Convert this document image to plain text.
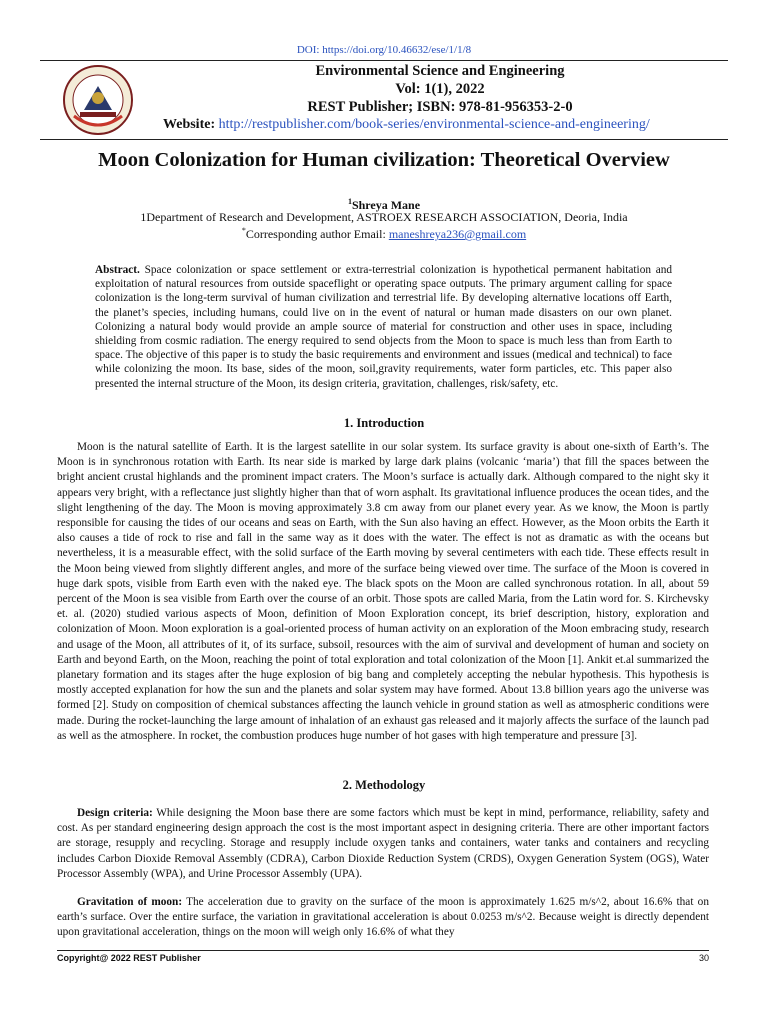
DOI: https://doi.org/10.46632/ese/1/1/8
Environmental Science and Engineering
Vol: 1(1), 2022
REST Publisher; ISBN: 978-81-956353-2-0
Website: http://restpublisher.com/book-series/environmental-science-and-engineering/
Moon Colonization for Human civilization: Theoretical Overview
$^1$Shreya Mane
1Department of Research and Development, ASTROEX RESEARCH ASSOCIATION, Deoria, India
*Corresponding author Email: maneshreya236@gmail.com
Abstract. Space colonization or space settlement or extra-terrestrial colonization is hypothetical permanent habitation and exploitation of natural resources from outside spaceflight or operating space outputs. The primary argument calling for space colonization is the long-term survival of human civilization and terrestrial life. By developing alternative locations off Earth, the planet’s species, including humans, could live on in the event of natural or human made disasters on our own planet. Colonizing a natural body would provide an ample source of material for construction and other uses in space, including shielding from cosmic radiation. The energy required to send objects from the Moon to space is much less than from Earth to space. The objective of this paper is to study the basic requirements and environment and issues (medical and technical) to face while colonizing the moon. Its base, sides of the moon, soil,gravity requirements, water form particles, etc. This paper also presented the internal structure of the Moon, its design criteria, gravitation, challenges, risk/safety, etc.
1. Introduction

Moon is the natural satellite of Earth. It is the largest satellite in our solar system. Its surface gravity is about one-sixth of Earth’s. The Moon is in synchronous rotation with Earth. Its near side is marked by large dark plains (volcanic ‘maria’) that fill the spaces between the bright ancient crustal highlands and the prominent impact craters. The Moon’s surface is actually dark. Although compared to the night sky it appears very bright, with a reflectance just slightly higher than that of worn asphalt. Its gravitational influence produces the ocean tides, and the slight lengthening of the day. The Moon is moving approximately 3.8 cm away from our planet every year. As we know, the Moon is partly responsible for causing the tides of our oceans and seas on Earth, with the Sun also having an effect. However, as the Moon orbits the Earth it also causes a tide of rock to rise and fall in the same way as it does with the water. The effect is not as dramatic as with the oceans but nevertheless, it is a measurable effect, with the solid surface of the Earth moving by several centimeters with each tide. These effects result in the Moon being viewed from slightly different angles, and more of the surface being viewed over time. The surface of the Moon is covered in huge dark spots, visible from Earth even with the naked eye. The black spots on the Moon are called synchronous rotation. In all, about 59 percent of the Moon is sea visible from Earth over the course of an orbit. Those spots are called Maria, from the Latin word for. S. Kirchevsky et. al. (2020) studied various aspects of Moon, definition of Moon Exploration concept, its brief description, history, exploration and colonization of Moon. Moon exploration is a goal-oriented process of human activity on an exploration of the Moon embracing study, research and usage of the Moon, all attributes of it, of its surface, subsoil, resources with the aim of survival and development of human and society on Earth and beyond Earth, on the Moon, reaching the point of total exploration and total colonization of the Moon [1]. Ankit et.al summarized the planetary formation and its stages after the huge explosion of big bang and completely accepting the nebular hypothesis. This hypothesis is mostly accepted explanation for how the sun and the planets and solar system may have formed. About 13.8 billion years ago the universe was formed [2]. Study on composition of chemical substances affecting the launch vehicle in ground station as well as atmospheric conditions were made. During the rocket-launching the large amount of inhalation of an exhaust gas released and it majorly affects the surface of the launch pad as well as the atmosphere. In rocket, the combustion produces huge number of hot gases with high temperature and pressure [3].

2. Methodology

Design criteria: While designing the Moon base there are some factors which must be kept in mind, performance, reliability, safety and cost. As per standard engineering design approach the cost is the most important aspect in designing criteria. There are other important factors are storage, resupply and recycling. Storage and resupply include oxygen tanks and containers, water tanks and containers and recycling includes Carbon Dioxide Removal Assembly (CDRA), Carbon Dioxide Reduction System (CRDS), Oxygen Generation System (OGS), Water Processor Assembly (WPA), and Urine Processor Assembly (UPA).

Gravitation of moon: The acceleration due to gravity on the surface of the moon is approximately 1.625 m/s^2, about 16.6% that on earth’s surface. Over the entire surface, the variation in gravitational acceleration is about 0.0253 m/s^2. Because weight is directly dependent upon gravitational acceleration, things on the moon will weigh only 16.6% of what they

Copyright@ 2022 REST Publisher	30
